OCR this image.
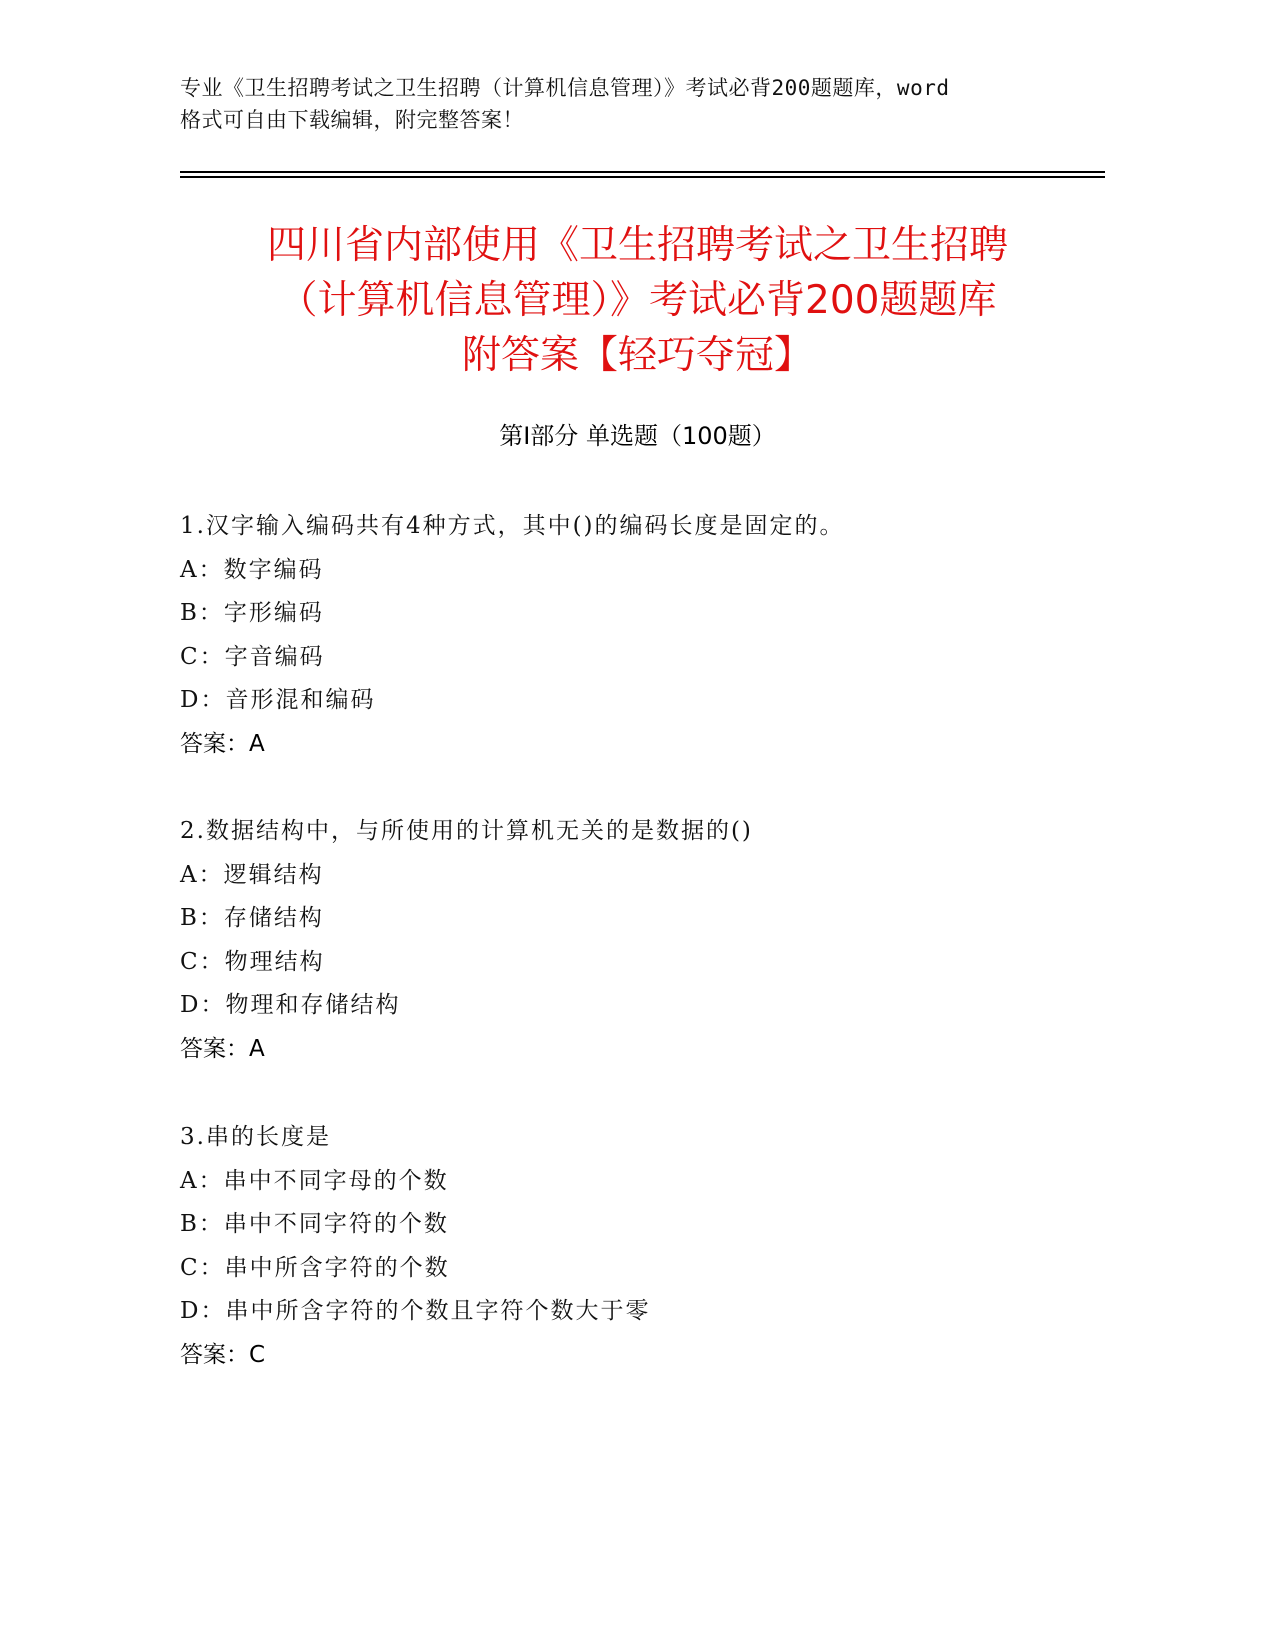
专业《卫生招聘考试之卫生招聘（计算机信息管理）》考试必背200题题库，word
格式可自由下载编辑，附完整答案！
四川省内部使用《卫生招聘考试之卫生招聘
（计算机信息管理）》考试必背200题题库
附答案【轻巧夺冠】
第Ⅰ部分 单选题（100题）
1.汉字输入编码共有4种方式，其中()的编码长度是固定的。
A：数字编码
B：字形编码
C：字音编码
D：音形混和编码
答案：A
2.数据结构中，与所使用的计算机无关的是数据的()
A：逻辑结构
B：存储结构
C：物理结构
D：物理和存储结构
答案：A
3.串的长度是
A：串中不同字母的个数
B：串中不同字符的个数
C：串中所含字符的个数
D：串中所含字符的个数且字符个数大于零
答案：C
